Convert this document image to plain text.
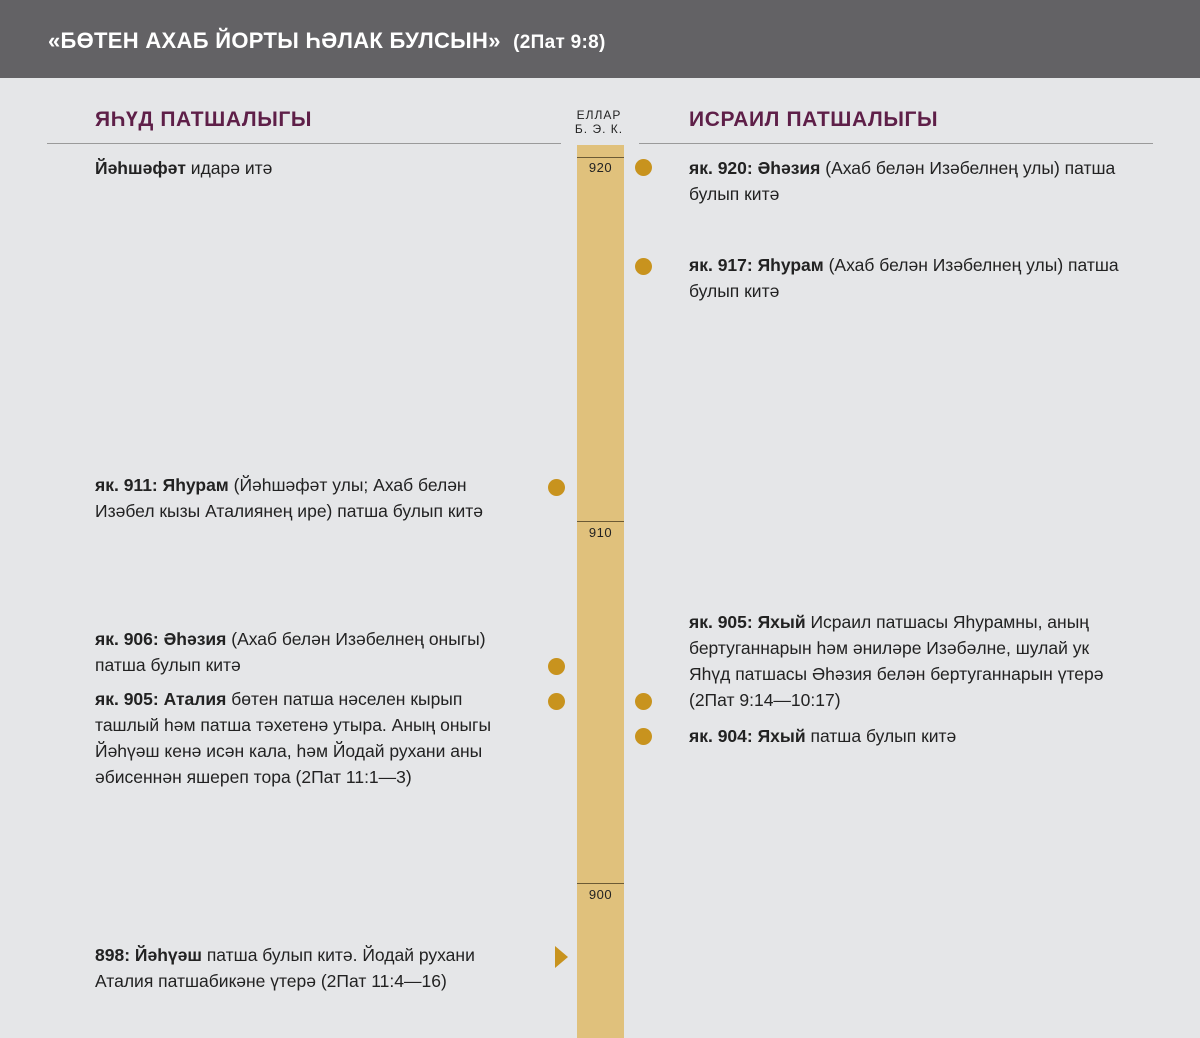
«БӨТЕН АХАБ ЙОРТЫ ҺӘЛАК БУЛСЫН» (2Пат 9:8)
ЯҺҮД ПАТШАЛЫГЫ	ИСРАИЛ ПАТШАЛЫГЫ
ЕЛЛАР
Б. Э. К.
920
910
900
Йәһшәфәт идарә итә
як. 911: Яһурам (Йәһшәфәт улы; Ахаб белән Изәбел кызы Аталиянең ире) патша булып китә
як. 906: Әһәзия (Ахаб белән Изәбелнең оныгы) патша булып китә
як. 905: Аталия бөтен патша нәселен кырып ташлый һәм патша тәхетенә утыра. Аның оныгы Йәһүәш кенә исән кала, һәм Йодай рухани аны әбисеннән яшереп тора (2Пат 11:1—3)
898: Йәһүәш патша булып китә. Йодай рухани Аталия патшабикәне үтерә (2Пат 11:4—16)
як. 920: Әһәзия (Ахаб белән Изәбелнең улы) патша булып китә
як. 917: Яһурам (Ахаб белән Изәбелнең улы) патша булып китә
як. 905: Яхый Исраил патшасы Яһурамны, аның бертуганнарын һәм әниләре Изәбәлне, шулай ук Яһүд патшасы Әһәзия белән бертуганнарын үтерә (2Пат 9:14—10:17)
як. 904: Яхый патша булып китә
